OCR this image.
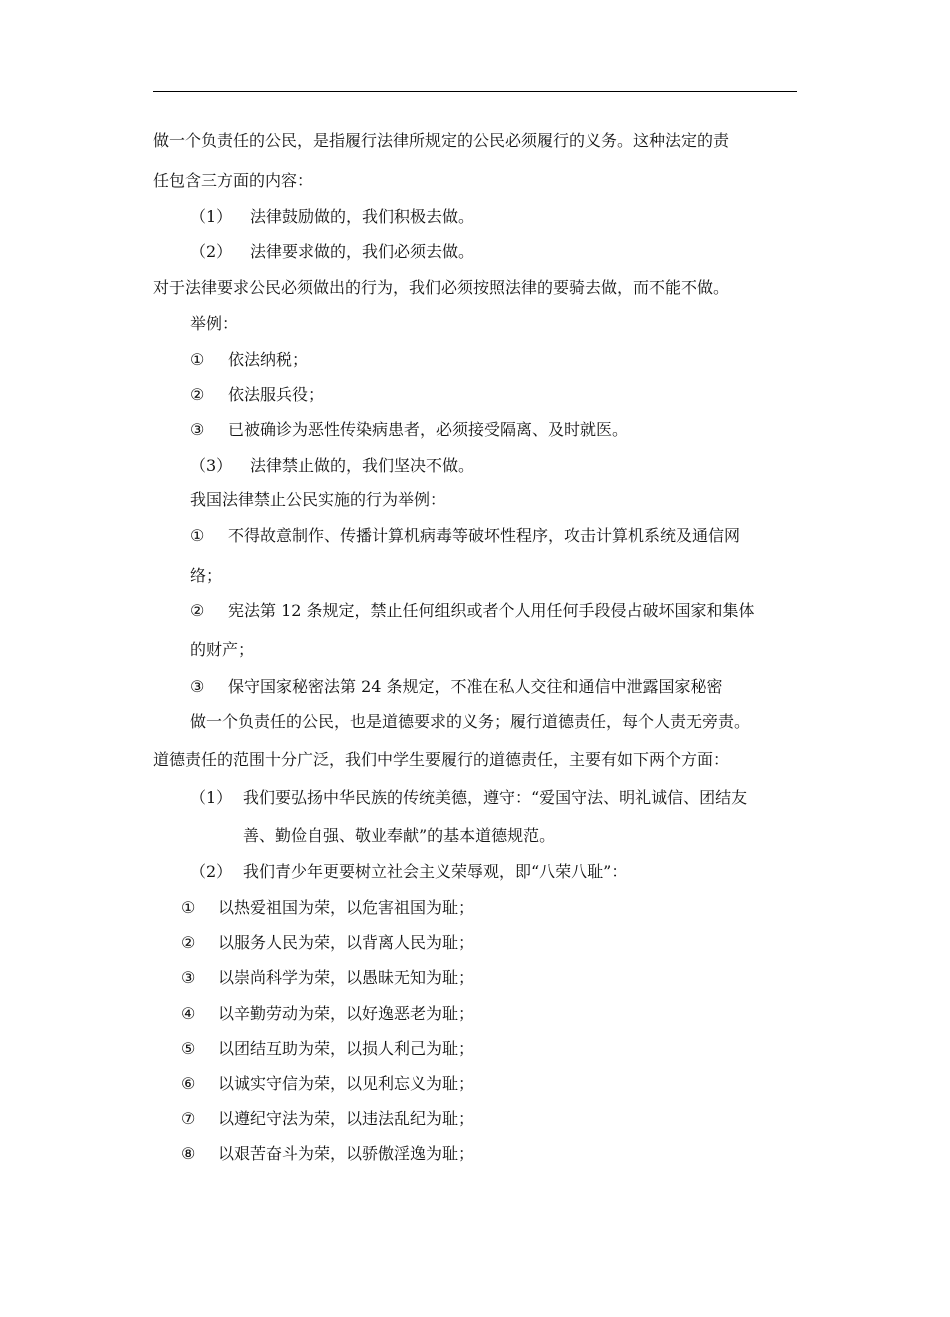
做一个负责任的公民，是指履行法律所规定的公民必须履行的义务。这种法定的责
任包含三方面的内容：
（1） 法律鼓励做的，我们积极去做。
（2） 法律要求做的，我们必须去做。
对于法律要求公民必须做出的行为，我们必须按照法律的要骑去做，而不能不做。
举例：
① 依法纳税；
② 依法服兵役；
③ 已被确诊为恶性传染病患者，必须接受隔离、及时就医。
（3） 法律禁止做的，我们坚决不做。
我国法律禁止公民实施的行为举例：
① 不得故意制作、传播计算机病毒等破坏性程序，攻击计算机系统及通信网
络；
② 宪法第 12 条规定，禁止任何组织或者个人用任何手段侵占破坏国家和集体
的财产；
③ 保守国家秘密法第 24 条规定，不准在私人交往和通信中泄露国家秘密
做一个负责任的公民，也是道德要求的义务；履行道德责任，每个人责无旁责。
道德责任的范围十分广泛，我们中学生要履行的道德责任，主要有如下两个方面：
（1） 我们要弘扬中华民族的传统美德，遵守：“爱国守法、明礼诚信、团结友
善、勤俭自强、敬业奉献”的基本道德规范。
（2） 我们青少年更要树立社会主义荣辱观，即“八荣八耻”：
① 以热爱祖国为荣，以危害祖国为耻；
② 以服务人民为荣，以背离人民为耻；
③ 以崇尚科学为荣，以愚昧无知为耻；
④ 以辛勤劳动为荣，以好逸恶老为耻；
⑤ 以团结互助为荣，以损人利己为耻；
⑥ 以诚实守信为荣，以见利忘义为耻；
⑦ 以遵纪守法为荣，以违法乱纪为耻；
⑧ 以艰苦奋斗为荣，以骄傲淫逸为耻；
